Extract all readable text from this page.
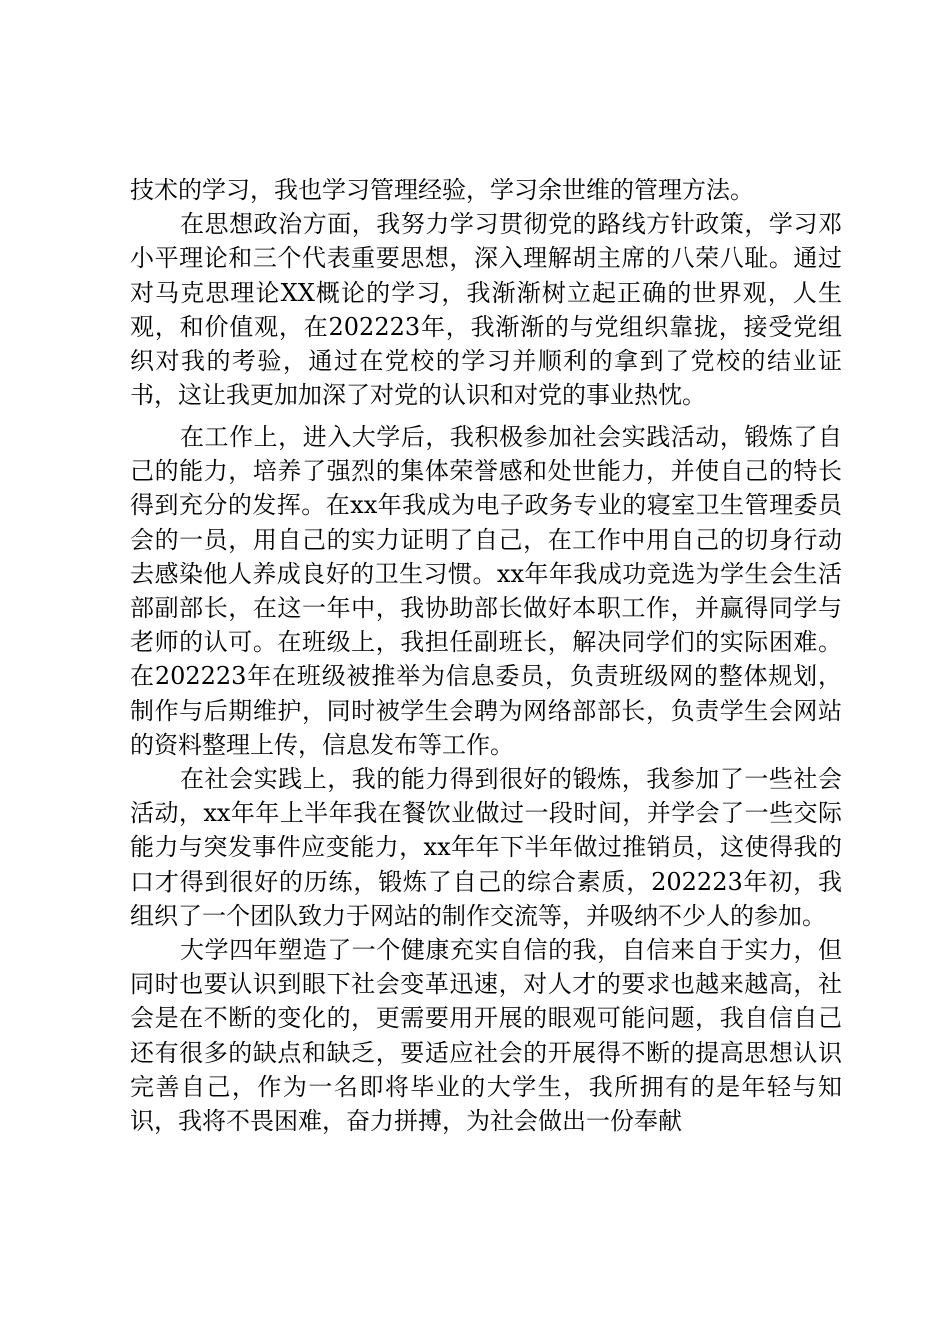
技术的学习，我也学习管理经验，学习余世维的管理方法。

在思想政治方面，我努力学习贯彻党的路线方针政策，学习邓小平理论和三个代表重要思想，深入理解胡主席的八荣八耻。通过对马克思理论XX概论的学习，我渐渐树立起正确的世界观，人生观，和价值观，在202223年，我渐渐的与党组织靠拢，接受党组织对我的考验，通过在党校的学习并顺利的拿到了党校的结业证书，这让我更加加深了对党的认识和对党的事业热忱。

在工作上，进入大学后，我积极参加社会实践活动，锻炼了自己的能力，培养了强烈的集体荣誉感和处世能力，并使自己的特长得到充分的发挥。在xx年我成为电子政务专业的寝室卫生管理委员会的一员，用自己的实力证明了自己，在工作中用自己的切身行动去感染他人养成良好的卫生习惯。xx年年我成功竞选为学生会生活部副部长，在这一年中，我协助部长做好本职工作，并赢得同学与老师的认可。在班级上，我担任副班长，解决同学们的实际困难。在202223年在班级被推举为信息委员，负责班级网的整体规划，制作与后期维护，同时被学生会聘为网络部部长，负责学生会网站的资料整理上传，信息发布等工作。

在社会实践上，我的能力得到很好的锻炼，我参加了一些社会活动，xx年年上半年我在餐饮业做过一段时间，并学会了一些交际能力与突发事件应变能力，xx年年下半年做过推销员，这使得我的口才得到很好的历练，锻炼了自己的综合素质，202223年初，我组织了一个团队致力于网站的制作交流等，并吸纳不少人的参加。

大学四年塑造了一个健康充实自信的我，自信来自于实力，但同时也要认识到眼下社会变革迅速，对人才的要求也越来越高，社会是在不断的变化的，更需要用开展的眼观可能问题，我自信自己还有很多的缺点和缺乏，要适应社会的开展得不断的提高思想认识完善自己，作为一名即将毕业的大学生，我所拥有的是年轻与知识，我将不畏困难，奋力拼搏，为社会做出一份奉献
